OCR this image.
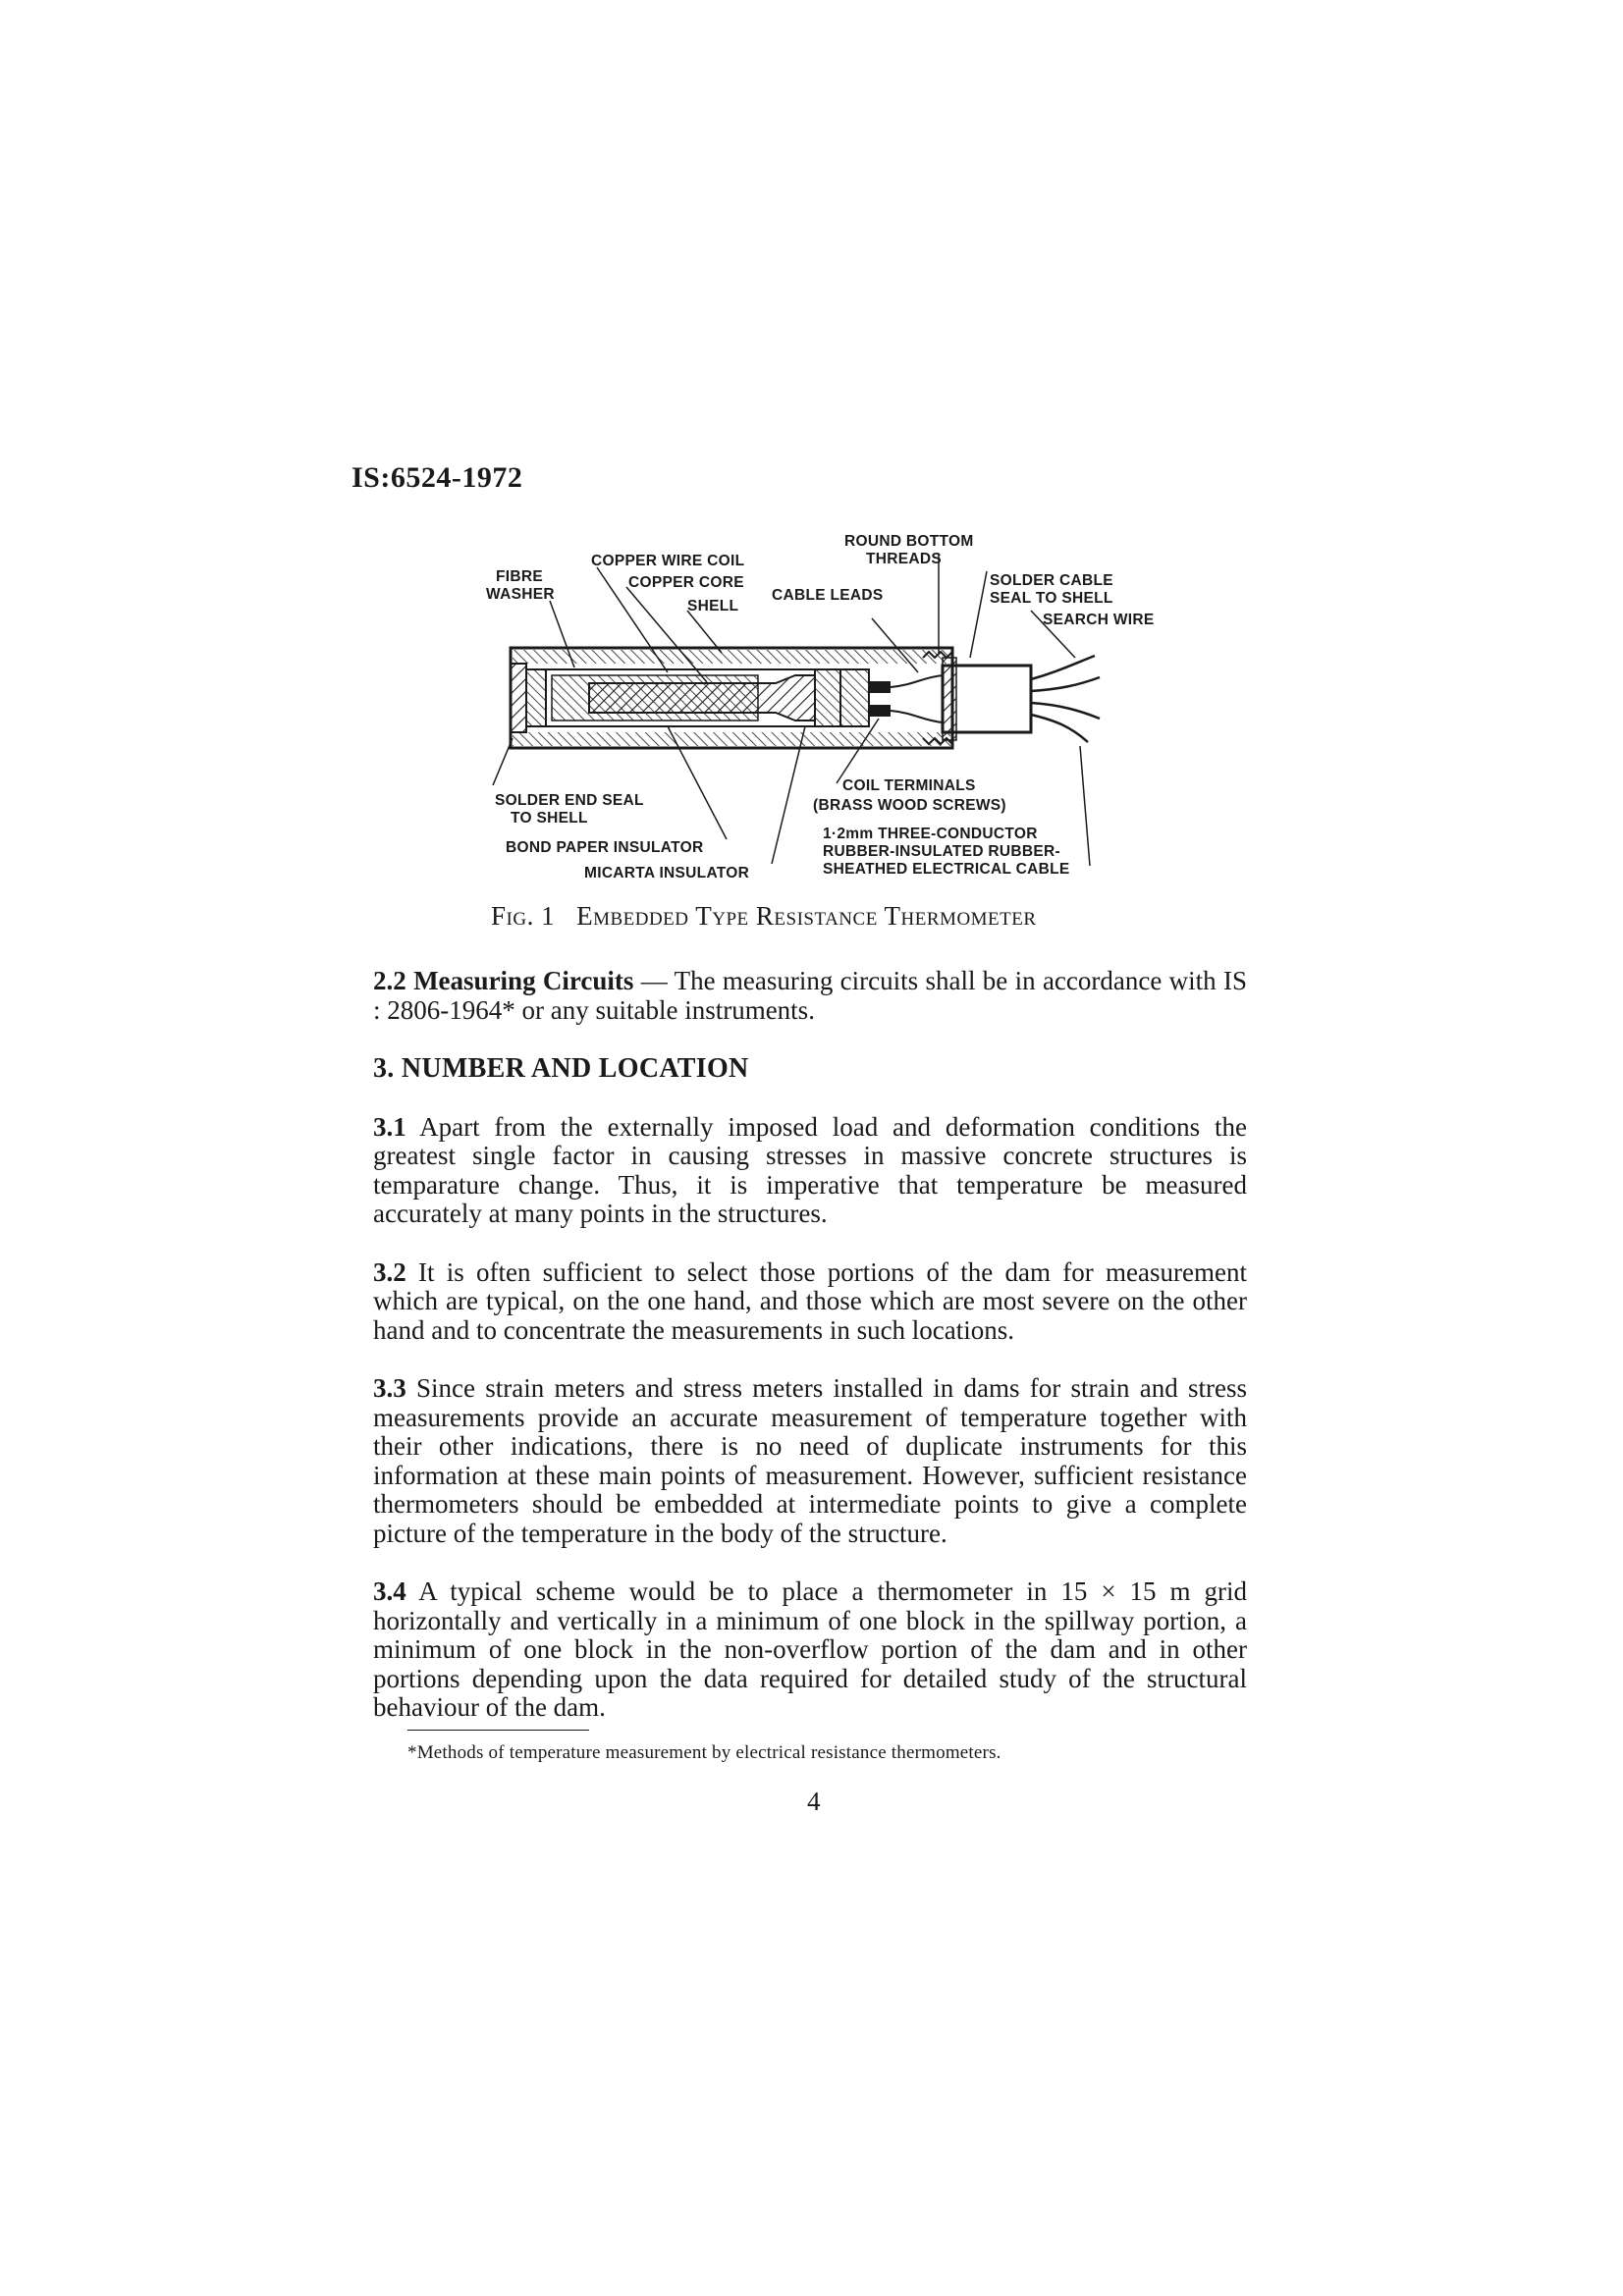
IS:6524-1972
FIBRE
WASHER
COPPER WIRE COIL
COPPER CORE
SHELL
CABLE LEADS
ROUND BOTTOM
THREADS
SOLDER CABLE
SEAL TO SHELL
SEARCH WIRE
SOLDER END SEAL
TO SHELL
BOND PAPER INSULATOR
MICARTA INSULATOR
COIL TERMINALS
(BRASS WOOD SCREWS)
1·2mm THREE-CONDUCTOR
RUBBER-INSULATED RUBBER-
SHEATHED ELECTRICAL CABLE
Fig. 1 Embedded Type Resistance Thermometer

2.2 Measuring Circuits — The measuring circuits shall be in accordance with IS : 2806-1964* or any suitable instruments.

3. NUMBER AND LOCATION

3.1 Apart from the externally imposed load and deformation conditions the greatest single factor in causing stresses in massive concrete structures is temparature change. Thus, it is imperative that temperature be measured accurately at many points in the structures.

3.2 It is often sufficient to select those portions of the dam for measurement which are typical, on the one hand, and those which are most severe on the other hand and to concentrate the measurements in such locations.

3.3 Since strain meters and stress meters installed in dams for strain and stress measurements provide an accurate measurement of temperature together with their other indications, there is no need of duplicate instruments for this information at these main points of measurement. However, sufficient resistance thermometers should be embedded at intermediate points to give a complete picture of the temperature in the body of the structure.

3.4 A typical scheme would be to place a thermometer in 15 × 15 m grid horizontally and vertically in a minimum of one block in the spillway portion, a minimum of one block in the non-overflow portion of the dam and in other portions depending upon the data required for detailed study of the structural behaviour of the dam.

*Methods of temperature measurement by electrical resistance thermometers.
4
